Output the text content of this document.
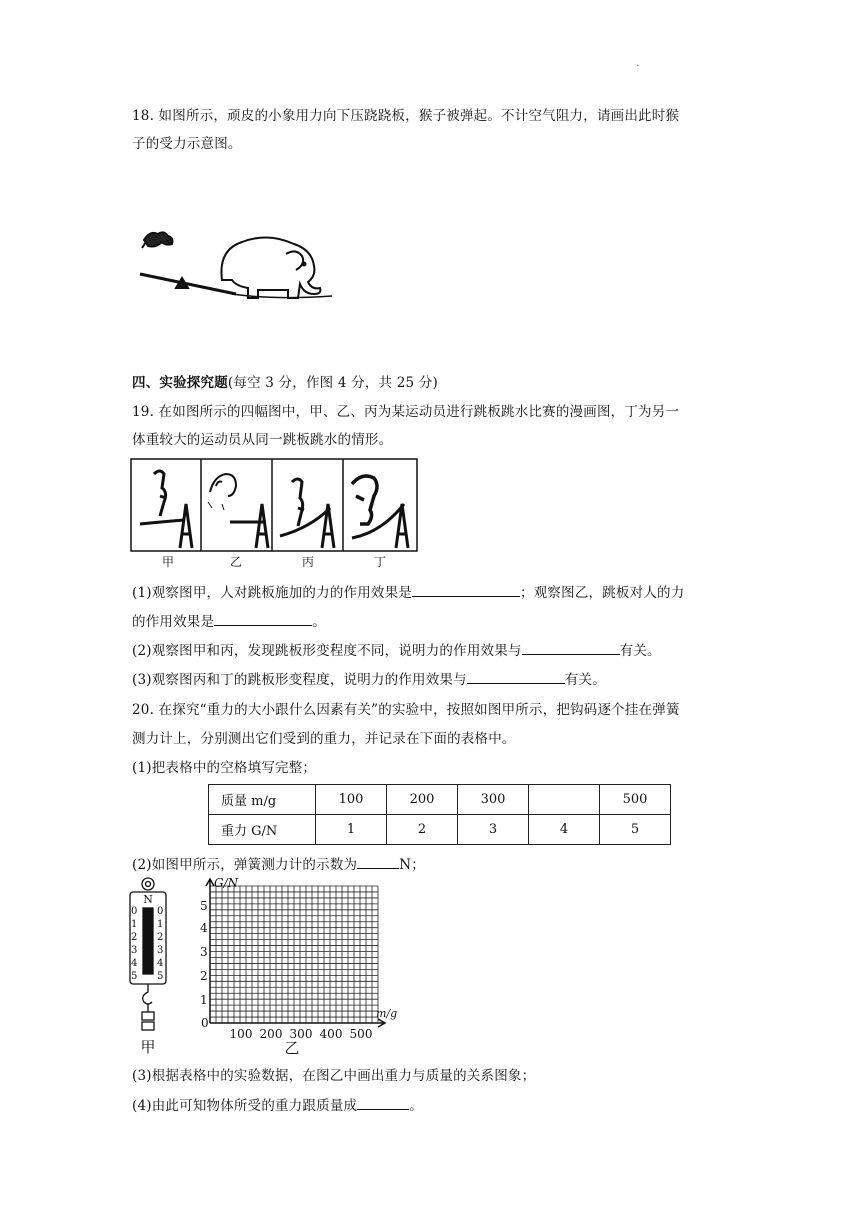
.
18. 如图所示，顽皮的小象用力向下压跷跷板，猴子被弹起。不计空气阻力，请画出此时猴
子的受力示意图。
四、实验探究题(每空 3 分，作图 4 分，共 25 分)
19. 在如图所示的四幅图中，甲、乙、丙为某运动员进行跳板跳水比赛的漫画图，丁为另一
体重较大的运动员从同一跳板跳水的情形。
甲	乙	丙	丁
(1)观察图甲，人对跳板施加的力的作用效果是	；观察图乙，跳板对人的力
的作用效果是	。
(2)观察图甲和丙，发现跳板形变程度不同，说明力的作用效果与	有关。
(3)观察图丙和丁的跳板形变程度，说明力的作用效果与	有关。
20. 在探究“重力的大小跟什么因素有关”的实验中，按照如图甲所示，把钩码逐个挂在弹簧
测力计上，分别测出它们受到的重力，并记录在下面的表格中。
(1)把表格中的空格填写完整；
质量 m/g	100	200	300		500
重力 G/N	1	2	3	4	5
(2)如图甲所示，弹簧测力计的示数为	N；
N
0
1
2
3
4
5
0
1
2
3
4
5
甲
G/N
m/g
0
1
2
3
4
5
100 200 300 400 500
乙
(3)根据表格中的实验数据，在图乙中画出重力与质量的关系图象；
(4)由此可知物体所受的重力跟质量成	。
